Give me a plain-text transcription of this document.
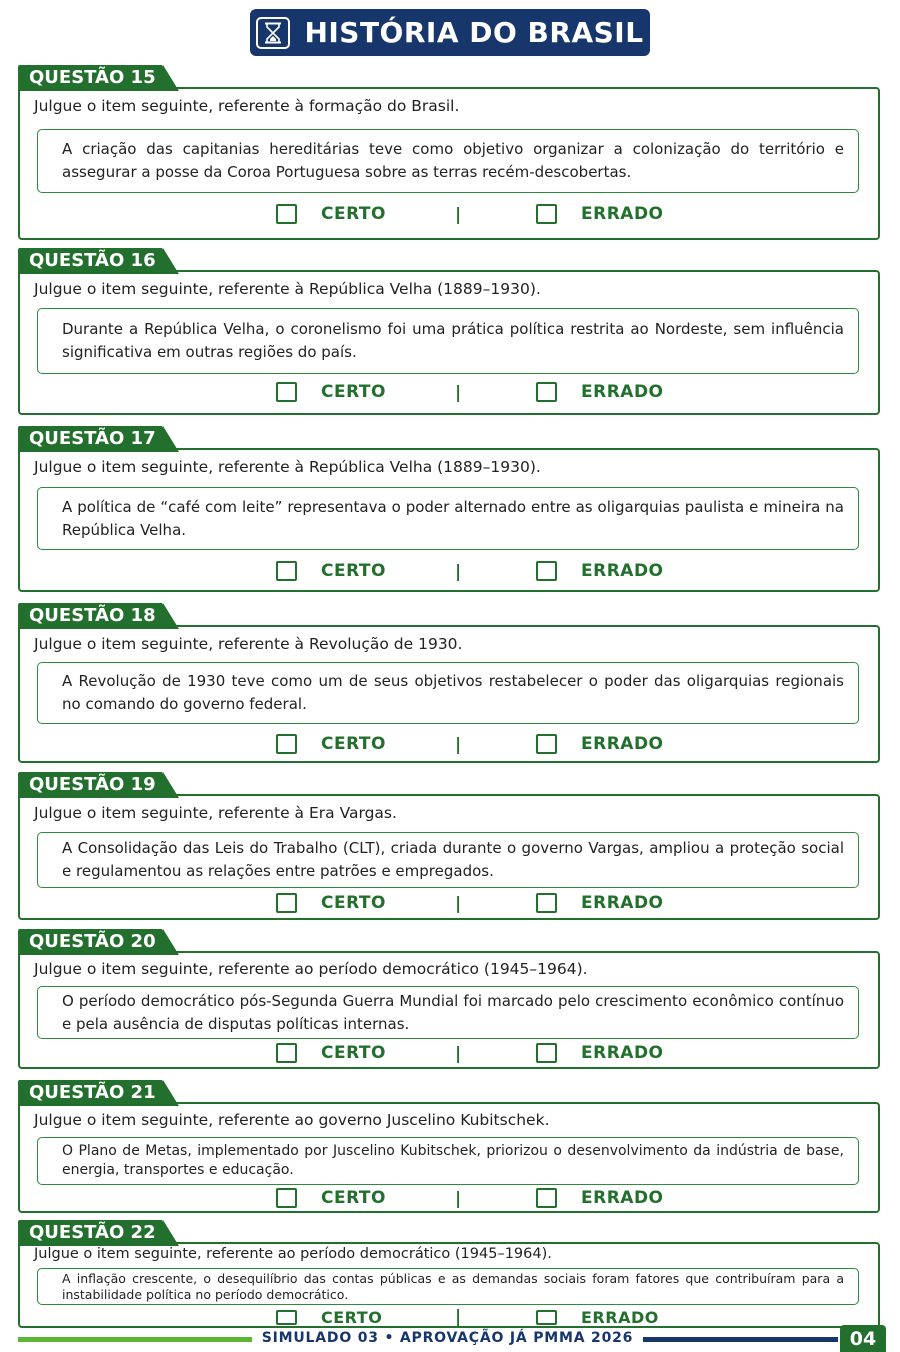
HISTÓRIA DO BRASIL
Julgue o item seguinte, referente à formação do Brasil.
A criação das capitanias hereditárias teve como objetivo organizar a colonização do território e assegurar a posse da Coroa Portuguesa sobre as terras recém-descobertas.
CERTO	|	ERRADO
QUESTÃO 15
Julgue o item seguinte, referente à República Velha (1889–1930).
Durante a República Velha, o coronelismo foi uma prática política restrita ao Nordeste, sem influência significativa em outras regiões do país.
CERTO	|	ERRADO
QUESTÃO 16
Julgue o item seguinte, referente à República Velha (1889–1930).
A política de “café com leite” representava o poder alternado entre as oligarquias paulista e mineira na República Velha.
CERTO	|	ERRADO
QUESTÃO 17
Julgue o item seguinte, referente à Revolução de 1930.
A Revolução de 1930 teve como um de seus objetivos restabelecer o poder das oligarquias regionais no comando do governo federal.
CERTO	|	ERRADO
QUESTÃO 18
Julgue o item seguinte, referente à Era Vargas.
A Consolidação das Leis do Trabalho (CLT), criada durante o governo Vargas, ampliou a proteção social e regulamentou as relações entre patrões e empregados.
CERTO	|	ERRADO
QUESTÃO 19
Julgue o item seguinte, referente ao período democrático (1945–1964).
O período democrático pós-Segunda Guerra Mundial foi marcado pelo crescimento econômico contínuo e pela ausência de disputas políticas internas.
CERTO	|	ERRADO
QUESTÃO 20
Julgue o item seguinte, referente ao governo Juscelino Kubitschek.
O Plano de Metas, implementado por Juscelino Kubitschek, priorizou o desenvolvimento da indústria de base, energia, transportes e educação.
CERTO	|	ERRADO
QUESTÃO 21
Julgue o item seguinte, referente ao período democrático (1945–1964).
A inflação crescente, o desequilíbrio das contas públicas e as demandas sociais foram fatores que contribuíram para a instabilidade política no período democrático.
CERTO	|	ERRADO
QUESTÃO 22
SIMULADO 03 • APROVAÇÃO JÁ PMMA 2026	04
